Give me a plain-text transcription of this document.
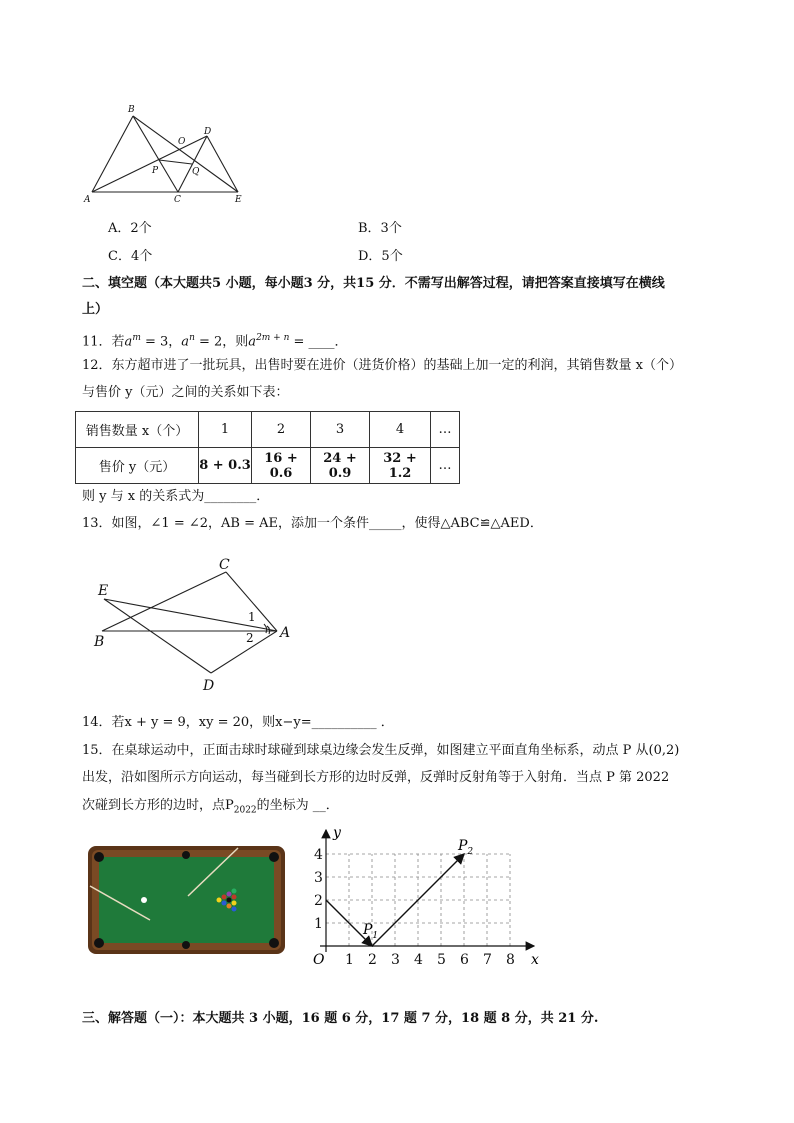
B
O
D
P	Q
A	C	E
A．2个	B．3个
C．4个	D．5个
二、填空题（本大题共5 小题，每小题3 分，共15 分．不需写出解答过程，请把答案直接填写在横线
上）
11．若$a^m = 3$，$a^n = 2$，则$a^{2m + n}$ = ____．
12．东方超市进了一批玩具，出售时要在进价（进货价格）的基础上加一定的利润，其销售数量 x（个）
与售价 y（元）之间的关系如下表：
销售数量 x（个）	1	2	3	4	…
售价 y（元）	8 + 0.3	16 + 0.6	24 + 0.9	32 + 1.2	…
则 y 与 x 的关系式为________．
13．如图，∠1 = ∠2，AB = AE，添加一个条件_____，使得△ABC≌△AED．
C
E
1
B	2 A
D
14．若x + y = 9，xy = 20，则x−y=__________ ．
15．在桌球运动中，正面击球时球碰到球桌边缘会发生反弹，如图建立平面直角坐标系，动点 P 从(0,2)
出发，沿如图所示方向运动，每当碰到长方形的边时反弹，反弹时反射角等于入射角．当点 P 第 2022
次碰到长方形的边时，点$P_{2022}$的坐标为 __．
1 2 3 4 5 6 7 8
1
2
3
4
O	x
y
$P_1$
$P_2$
三、解答题（一）：本大题共 3 小题，16 题 6 分，17 题 7 分，18 题 8 分，共 21 分.
